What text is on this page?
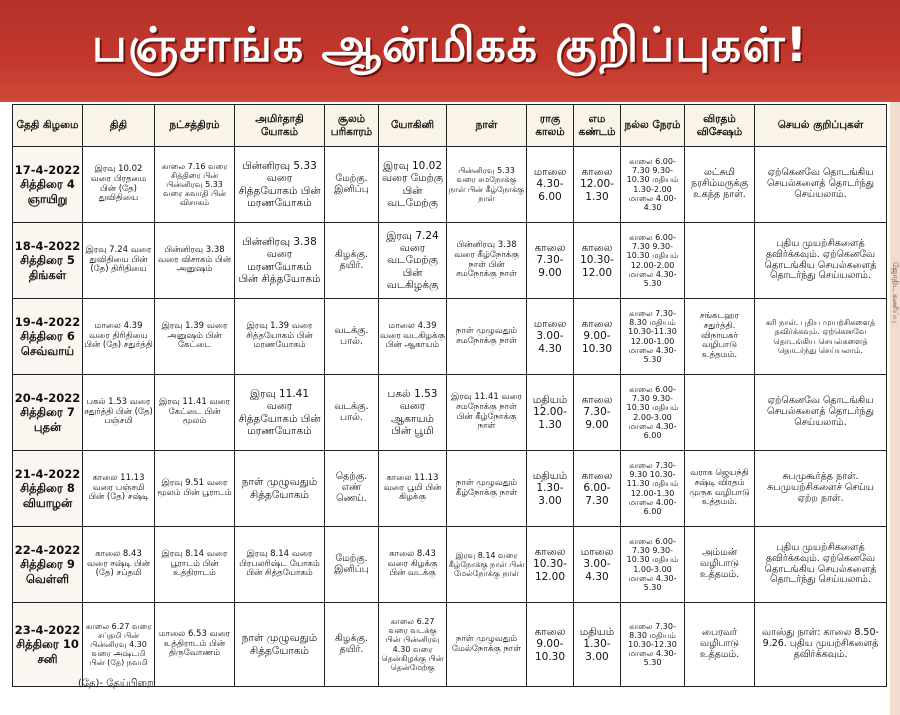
பஞ்சாங்க ஆன்மிகக் குறிப்புகள்!
தேதி கிழமை	திதி	நட்சத்திரம்	அமிர்தாதி யோகம்	சூலம் பரிகாரம்	யோகினி	நாள்	ராகு காலம்	எம கண்டம்	நல்ல நேரம்	விரதம் விசேஷம்	செயல் குறிப்புகள்
17-4-2022 சித்திரை 4 ஞாயிறு	இரவு 10.02 வரை பிரதமை பின் (தே) துவிதியை	காலை 7.16 வரை சித்திரை பின் பின்னிரவு 5.33 வரை சுவாதி பின் விசாகம்	பின்னிரவு 5.33 வரை சித்தயோகம் பின் மரணயோகம்	மேற்கு. இனிப்பு	இரவு 10.02 வரை மேற்கு பின் வடமேற்கு	பின்னிரவு 5.33 வரை சமநோக்கு நாள் பின் கீழ்நோக்கு நாள்	மாலை 4.30-6.00	காலை 12.00-1.30	காலை 6.00-7.30 9.30-10.30 மதியம் 1.30-2.00 மாலை 4.00-4.30	லட்சுமி நரசிம்மருக்கு உகந்த நாள்.	ஏற்கெனவே தொடங்கிய செயல்களைத் தொடர்ந்து செய்யலாம்.
18-4-2022 சித்திரை 5 திங்கள்	இரவு 7.24 வரை துவிதியை பின் (தே) திரிதியை	பின்னிரவு 3.38 வரை விசாகம் பின் அனுஷம்	பின்னிரவு 3.38 வரை மரணயோகம் பின் சித்தயோகம்	கிழக்கு. தயிர்.	இரவு 7.24 வரை வடமேற்கு பின் வடகிழக்கு	பின்னிரவு 3.38 வரை கீழ்நோக்கு நாள் பின் சமநோக்கு நாள்	காலை 7.30-9.00	காலை 10.30-12.00	காலை 6.00-7.30 9.30-10.30 மதியம் 12.00-2.00 மாலை 4.30-5.30		புதிய முயற்சிகளைத் தவிர்க்கவும். ஏற்கெனவே தொடங்கிய செயல்களைத் தொடர்ந்து செய்யலாம்.
19-4-2022 சித்திரை 6 செவ்வாய்	மாலை 4.39 வரை திரிதியை பின் (தே) சதுர்த்தி	இரவு 1.39 வரை அனுஷம் பின் கேட்டை	இரவு 1.39 வரை சித்தயோகம் பின் மரணயோகம்	வடக்கு. பால்.	மாலை 4.39 வரை வடகிழக்கு பின் ஆகாயம்	நாள் முழுவதும் சமநோக்கு நாள்	மாலை 3.00-4.30	காலை 9.00-10.30	காலை 7.30-8.30 மதியம் 10.30-11.30 12.00-1.00 மாலை 4.30-5.30	சங்கடஹர சதுர்த்தி. விநாயகர் வழிபாடு உத்தமம்.	கரி நாள். புதிய முயற்சிகளைத் தவிர்க்கவும். ஏற்கெனவே தொடங்கிய செயல்களைத் தொடர்ந்து செய்யலாம்.
20-4-2022 சித்திரை 7 புதன்	பகல் 1.53 வரை சதுர்த்தி பின் (தே) பஞ்சமி	இரவு 11.41 வரை கேட்டை பின் மூலம்	இரவு 11.41 வரை சித்தயோகம் பின் மரணயோகம்	வடக்கு. பால்.	பகல் 1.53 வரை ஆகாயம் பின் பூமி	இரவு 11.41 வரை சமநோக்கு நாள் பின் கீழ்நோக்கு நாள்	மதியம் 12.00-1.30	காலை 7.30-9.00	காலை 6.00-7.30 9.30-10.30 மதியம் 2.00-3.00 மாலை 4.30-6.00		ஏற்கெனவே தொடங்கிய செயல்களைத் தொடர்ந்து செய்யலாம்.
21-4-2022 சித்திரை 8 வியாழன்	காலை 11.13 வரை பஞ்சமி பின் (தே) சஷ்டி	இரவு 9.51 வரை மூலம் பின் பூராடம்	நாள் முழுவதும் சித்தயோகம்	தெற்கு. எண் ணெய்.	காலை 11.13 வரை பூமி பின் கிழக்கு	நாள் முழுவதும் கீழ்நோக்கு நாள்	மதியம் 1.30-3.00	காலை 6.00-7.30	காலை 7.30-9.30 10.30-11.30 மதியம் 12.00-1.30 மாலை 4.00-6.00	வராக ஜெயந்தி சஷ்டி விரதம் முருக வழிபாடு உத்தமம்.	சுபமுகூர்த்த நாள். சுபமுயற்சிகளைச் செய்ய ஏற்ற நாள்.
22-4-2022 சித்திரை 9 வெள்ளி	காலை 8.43 வரை சஷ்டி பின் (தே) சப்தமி	இரவு 8.14 வரை பூராடம் பின் உத்திராடம்	இரவு 8.14 வரை பிரபலரிஷ்ட யோகம் பின் சித்தயோகம்	மேற்கு. இனிப்பு	காலை 8.43 வரை கிழக்கு பின் வடக்கு	இரவு 8.14 வரை கீழ்நோக்கு நாள் பின் மேல்நோக்கு நாள்	காலை 10.30-12.00	மாலை 3.00-4.30	காலை 6.00-7.30 9.30-10.30 மதியம் 1.00-3.00 மாலை 4.30-5.30	அம்மன் வழிபாடு உத்தமம்.	புதிய முயற்சிகளைத் தவிர்க்கவும். ஏற்கெனவே தொடங்கிய செயல்களைத் தொடர்ந்து செய்யலாம்.
23-4-2022 சித்திரை 10 சனி	காலை 6.27 வரை சப்தமி பின் பின்னிரவு 4.30 வரை அஷ்டமி பின் (தே) நவமி	மாலை 6.53 வரை உத்திராடம் பின் திருவோணம்	நாள் முழுவதும் சித்தயோகம்	கிழக்கு. தயிர்.	காலை 6.27 வரை வடக்கு பின் பின்னிரவு 4.30 வரை தென்கிழக்கு பின் தென்மேற்கு	நாள் முழுவதும் மேல்நோக்கு நாள்	காலை 9.00-10.30	மதியம் 1.30-3.00	காலை 7.30-8.30 மதியம் 10.30-12.30 மாலை 4.30-5.30	பைரவர் வழிபாடு உத்தமம்.	வாஸ்து நாள்: காலை 8.50-9.26. புதிய முயற்சிகளைத் தவிர்க்கவும்.
(தே)- தேய்பிறை
ஜோதிட கணிப்பு
